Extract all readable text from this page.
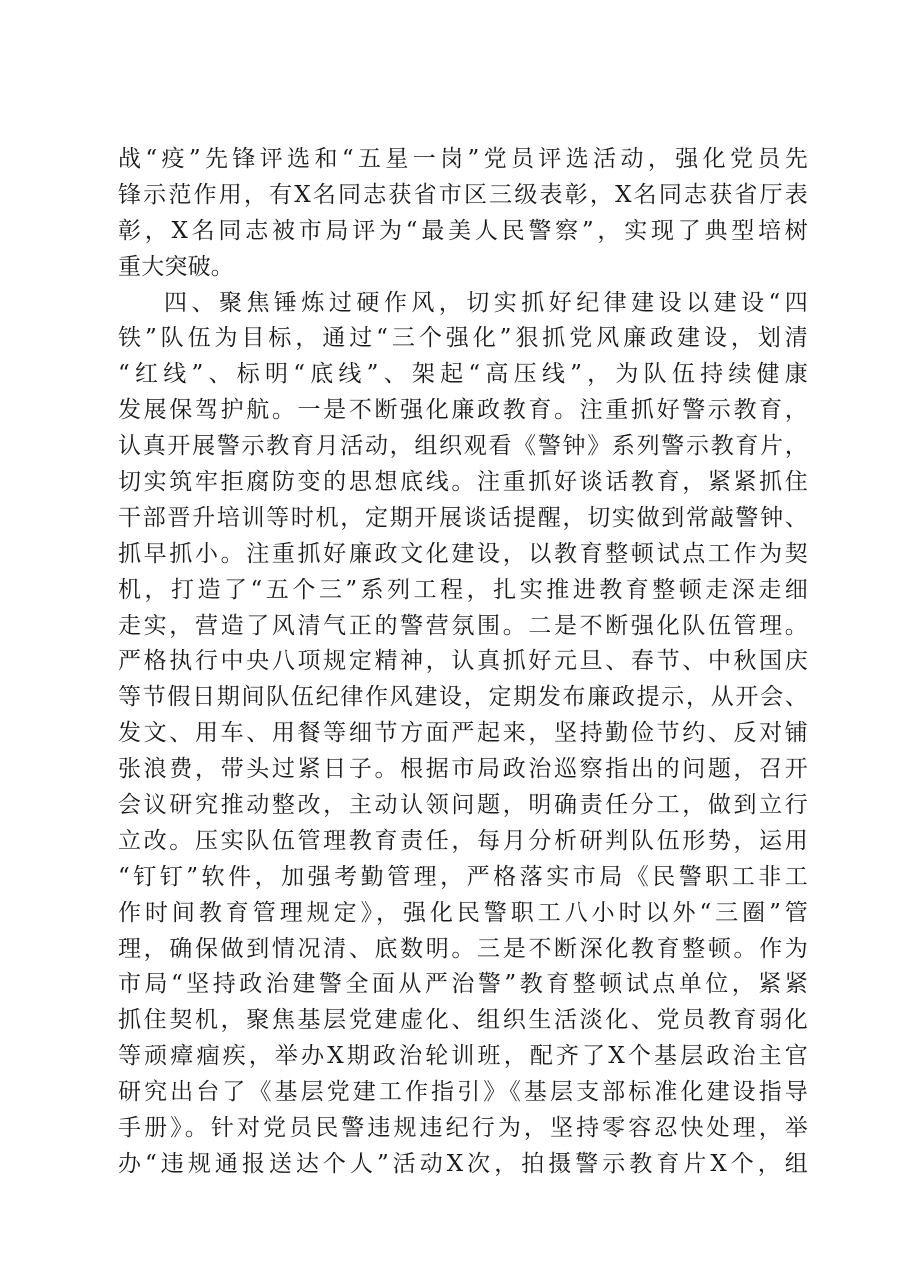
战“疫”先锋评选和“五星一岗”党员评选活动，强化党员先
锋示范作用，有X名同志获省市区三级表彰，X名同志获省厅表
彰，X名同志被市局评为“最美人民警察”，实现了典型培树
重大突破。
四、聚焦锤炼过硬作风，切实抓好纪律建设以建设“四
铁”队伍为目标，通过“三个强化”狠抓党风廉政建设，划清
“红线”、标明“底线”、架起“高压线”，为队伍持续健康
发展保驾护航。一是不断强化廉政教育。注重抓好警示教育，
认真开展警示教育月活动，组织观看《警钟》系列警示教育片，
切实筑牢拒腐防变的思想底线。注重抓好谈话教育，紧紧抓住
干部晋升培训等时机，定期开展谈话提醒，切实做到常敲警钟、
抓早抓小。注重抓好廉政文化建设，以教育整顿试点工作为契
机，打造了“五个三”系列工程，扎实推进教育整顿走深走细
走实，营造了风清气正的警营氛围。二是不断强化队伍管理。
严格执行中央八项规定精神，认真抓好元旦、春节、中秋国庆
等节假日期间队伍纪律作风建设，定期发布廉政提示，从开会、
发文、用车、用餐等细节方面严起来，坚持勤俭节约、反对铺
张浪费，带头过紧日子。根据市局政治巡察指出的问题，召开
会议研究推动整改，主动认领问题，明确责任分工，做到立行
立改。压实队伍管理教育责任，每月分析研判队伍形势，运用
“钉钉”软件，加强考勤管理，严格落实市局《民警职工非工
作时间教育管理规定》，强化民警职工八小时以外“三圈”管
理，确保做到情况清、底数明。三是不断深化教育整顿。作为
市局“坚持政治建警全面从严治警”教育整顿试点单位，紧紧
抓住契机，聚焦基层党建虚化、组织生活淡化、党员教育弱化
等顽瘴痼疾，举办X期政治轮训班，配齐了X个基层政治主官
研究出台了《基层党建工作指引》《基层支部标准化建设指导
手册》。针对党员民警违规违纪行为，坚持零容忍快处理，举
办“违规通报送达个人”活动X次，拍摄警示教育片X个，组
